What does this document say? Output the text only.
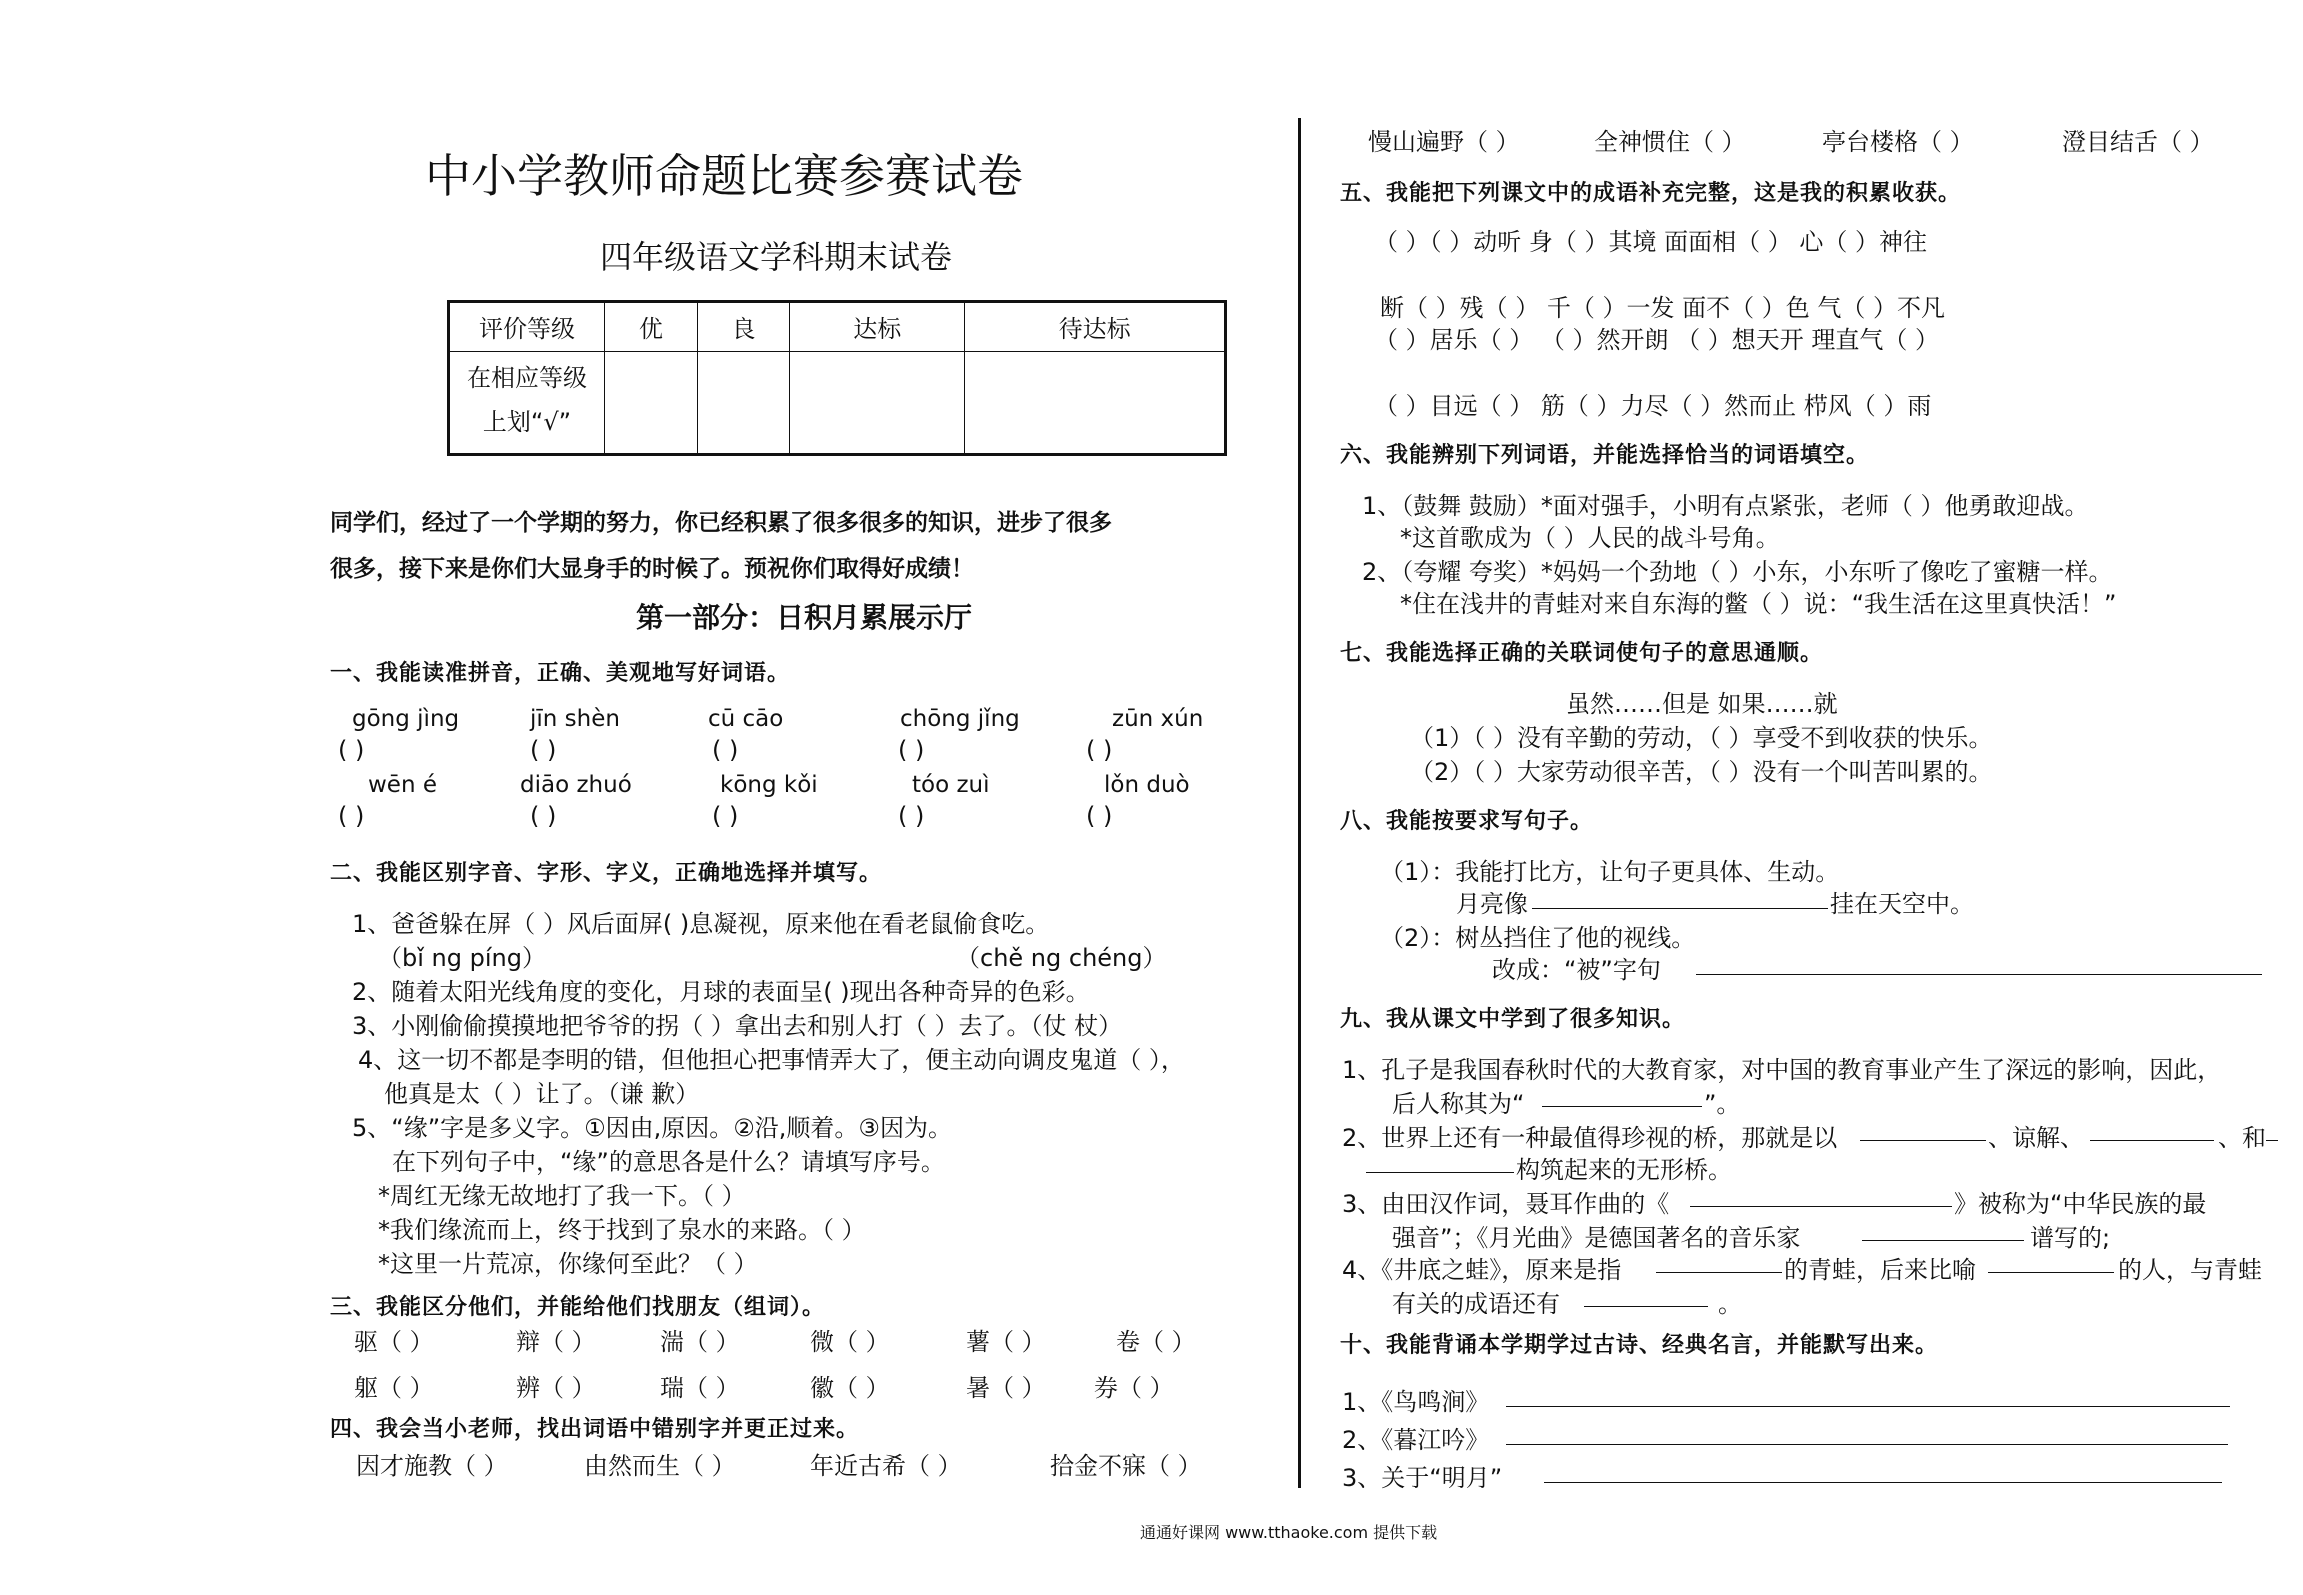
中小学教师命题比赛参赛试卷
四年级语文学科期末试卷
评价等级	优	良	达标	待达标

在相应等级
上划“√”				

同学们，经过了一个学期的努力，你已经积累了很多很多的知识，进步了很多
很多，接下来是你们大显身手的时候了。预祝你们取得好成绩！
第一部分：日积月累展示厅
一、我能读准拼音，正确、美观地写好词语。
gōng jìng	jīn shèn	cū cāo	chōng jǐng	zūn xún
( )	( )	( )	( )	( )
wēn é	diāo zhuó	kōng kǒi	tóo zuì	lǒn duò
( )	( )	( )	( )	( )
二、我能区别字音、字形、字义，正确地选择并填写。
1、爸爸躲在屏（ ）风后面屏( )息凝视，原来他在看老鼠偷食吃。
（bǐ ng píng）	（chě ng chéng）
2、随着太阳光线角度的变化，月球的表面呈( )现出各种奇异的色彩。
3、小刚偷偷摸摸地把爷爷的拐（ ）拿出去和别人打（ ）去了。（仗 杖）
4、这一切不都是李明的错，但他担心把事情弄大了，便主动向调皮鬼道（ ），
他真是太（ ）让了。（谦 歉）
5、“缘”字是多义字。①因由,原因。②沿,顺着。③因为。
在下列句子中，“缘”的意思各是什么？请填写序号。
*周红无缘无故地打了我一下。（ ）
*我们缘流而上，终于找到了泉水的来路。（ ）
*这里一片荒凉，你缘何至此？（ ）
三、我能区分他们，并能给他们找朋友（组词）。
驱（ ）	辩（ ）	湍（ ）	微（ ）	薯（ ）	卷（ ）
躯（ ）	辨（ ）	瑞（ ）	徽（ ）	暑（ ） 券（ ）
四、我会当小老师，找出词语中错别字并更正过来。
因才施教（ ）	由然而生（ ）	年近古希（ ）	拾金不寐（ ）
慢山遍野（ ）	全神惯住（ ）	亭台楼格（ ）	澄目结舌（ ）
五、我能把下列课文中的成语补充完整，这是我的积累收获。
（ ）（ ）动听 身（ ）其境 面面相（ ） 心（ ）神往
断（ ）残（ ） 千（ ）一发 面不（ ）色 气（ ）不凡
（ ）居乐（ ） （ ）然开朗 （ ）想天开 理直气（ ）
（ ）目远（ ） 筋（ ）力尽（ ）然而止 栉风（ ）雨
六、我能辨别下列词语，并能选择恰当的词语填空。
1、（鼓舞 鼓励）*面对强手，小明有点紧张，老师（ ）他勇敢迎战。
*这首歌成为（ ）人民的战斗号角。
2、（夸耀 夸奖）*妈妈一个劲地（ ）小东，小东听了像吃了蜜糖一样。
*住在浅井的青蛙对来自东海的鳖（ ）说：“我生活在这里真快活！”
七、我能选择正确的关联词使句子的意思通顺。
虽然……但是 如果……就
（1）（ ）没有辛勤的劳动，（ ）享受不到收获的快乐。
（2）（ ）大家劳动很辛苦，（ ）没有一个叫苦叫累的。
八、我能按要求写句子。
（1）：我能打比方，让句子更具体、生动。
月亮像	挂在天空中。
（2）：树丛挡住了他的视线。
改成：“被”字句
九、我从课文中学到了很多知识。
1、孔子是我国春秋时代的大教育家，对中国的教育事业产生了深远的影响，因此，
后人称其为“	”。
2、世界上还有一种最值得珍视的桥，那就是以	、谅解、	、和
构筑起来的无形桥。
3、由田汉作词，聂耳作曲的《	》被称为“中华民族的最
强音”；《月光曲》是德国著名的音乐家	谱写的;
4、《井底之蛙》，原来是指	的青蛙，后来比喻	的人，与青蛙
有关的成语还有	。
十、我能背诵本学期学过古诗、经典名言，并能默写出来。
1、《鸟鸣涧》
2、《暮江吟》
3、关于“明月”
通通好课网 www.tthaoke.com 提供下载
